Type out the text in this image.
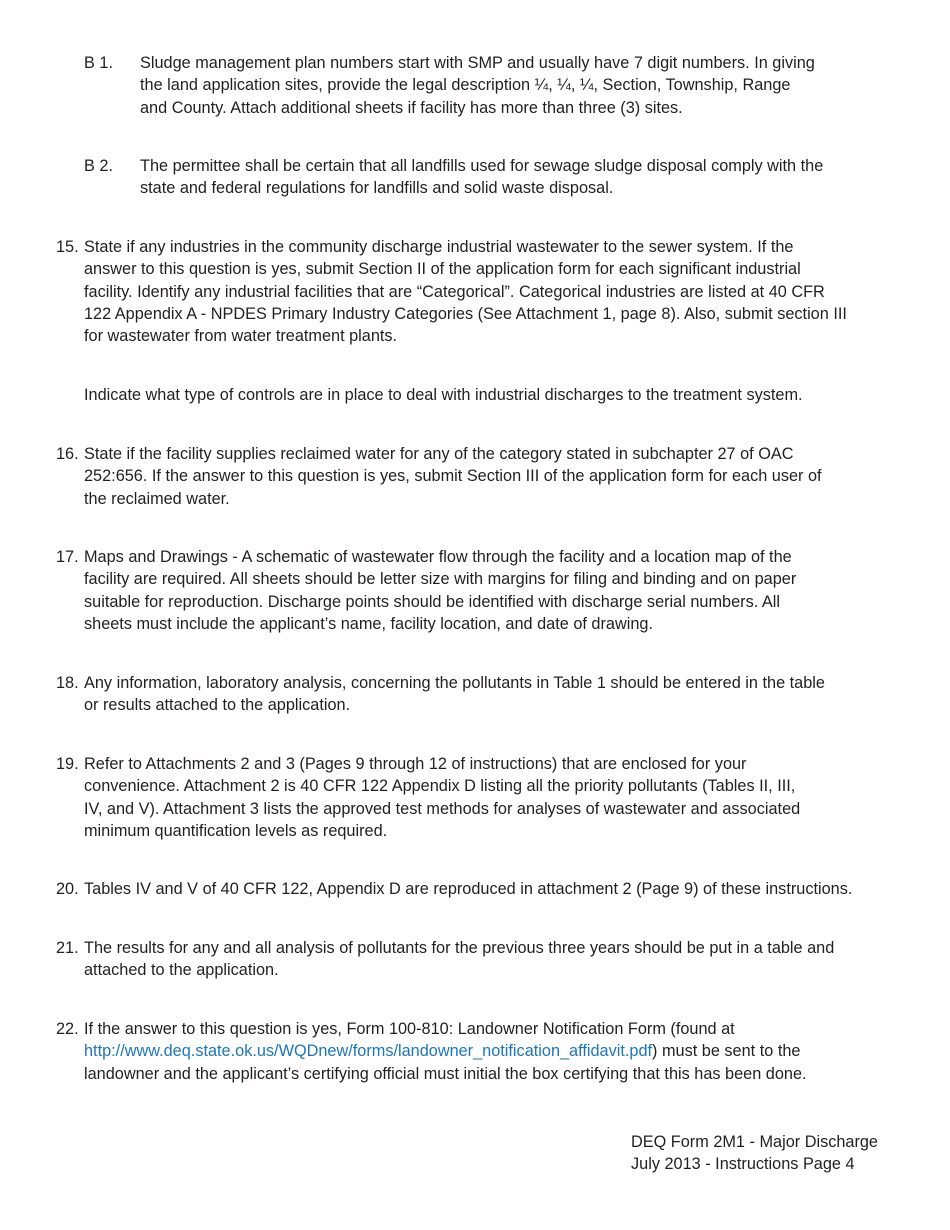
B 1. Sludge management plan numbers start with SMP and usually have 7 digit numbers. In giving
the land application sites, provide the legal description ¼, ¼, ¼, Section, Township, Range
and County. Attach additional sheets if facility has more than three (3) sites.
B 2. The permittee shall be certain that all landfills used for sewage sludge disposal comply with the
state and federal regulations for landfills and solid waste disposal.
15. State if any industries in the community discharge industrial wastewater to the sewer system. If the
answer to this question is yes, submit Section II of the application form for each significant industrial
facility. Identify any industrial facilities that are “Categorical”. Categorical industries are listed at 40 CFR
122 Appendix A - NPDES Primary Industry Categories (See Attachment 1, page 8). Also, submit section III
for wastewater from water treatment plants.
Indicate what type of controls are in place to deal with industrial discharges to the treatment system.
16. State if the facility supplies reclaimed water for any of the category stated in subchapter 27 of OAC
252:656. If the answer to this question is yes, submit Section III of the application form for each user of
the reclaimed water.
17. Maps and Drawings - A schematic of wastewater flow through the facility and a location map of the
facility are required. All sheets should be letter size with margins for filing and binding and on paper
suitable for reproduction. Discharge points should be identified with discharge serial numbers. All
sheets must include the applicant’s name, facility location, and date of drawing.
18. Any information, laboratory analysis, concerning the pollutants in Table 1 should be entered in the table
or results attached to the application.
19. Refer to Attachments 2 and 3 (Pages 9 through 12 of instructions) that are enclosed for your
convenience. Attachment 2 is 40 CFR 122 Appendix D listing all the priority pollutants (Tables II, III,
IV, and V). Attachment 3 lists the approved test methods for analyses of wastewater and associated
minimum quantification levels as required.
20. Tables IV and V of 40 CFR 122, Appendix D are reproduced in attachment 2 (Page 9) of these instructions.
21. The results for any and all analysis of pollutants for the previous three years should be put in a table and
attached to the application.
22. If the answer to this question is yes, Form 100-810: Landowner Notification Form (found at
http://www.deq.state.ok.us/WQDnew/forms/landowner_notification_affidavit.pdf) must be sent to the
landowner and the applicant’s certifying official must initial the box certifying that this has been done.
DEQ Form 2M1 - Major Discharge
July 2013 - Instructions Page 4
